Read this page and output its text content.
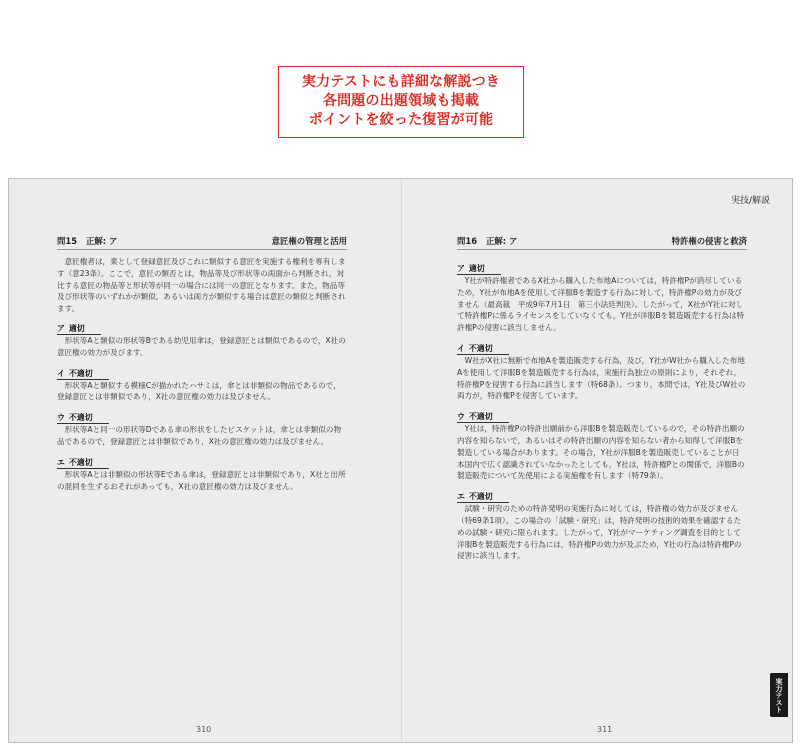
実力テストにも詳細な解説つき
各問題の出題領域も掲載
ポイントを絞った復習が可能
実技/解説
問15 正解: ア	意匠権の管理と活用

意匠権者は，業として登録意匠及びこれに類似する意匠を実施する権利を専有します（意23条）。ここで，意匠の類否とは，物品等及び形状等の両面から判断され，対比する意匠の物品等と形状等が同一の場合には同一の意匠となります。また，物品等及び形状等のいずれかが類似，あるいは両方が類似する場合は意匠の類似と判断されます。

ア 適切

形状等Aと類似の形状等Bである幼児用傘は，登録意匠とは類似であるので，X社の意匠権の効力が及びます。

イ 不適切

形状等Aと類似する模様Cが描かれたハサミは，傘とは非類似の物品であるので，登録意匠とは非類似であり，X社の意匠権の効力は及びません。

ウ 不適切

形状等Aと同一の形状等Dである傘の形状をしたビスケットは，傘とは非類似の物品であるので，登録意匠とは非類似であり，X社の意匠権の効力は及びません。

エ 不適切

形状等Aとは非類似の形状等Eである傘は，登録意匠とは非類似であり，X社と出所の混同を生ずるおそれがあっても，X社の意匠権の効力は及びません。

問16 正解: ア	特許権の侵害と救済
ア 適切

Y社が特許権者であるX社から購入した布地Aについては，特許権Pが消尽しているため，Y社が布地Aを使用して洋服Bを製造する行為に対して，特許権Pの効力が及びません（最高裁　平成9年7月1日　第三小法廷判決）。したがって，X社がY社に対して特許権Pに係るライセンスをしていなくても，Y社が洋服Bを製造販売する行為は特許権Pの侵害に該当しません。

イ 不適切

W社がX社に無断で布地Aを製造販売する行為，及び，Y社がW社から購入した布地Aを使用して洋服Bを製造販売する行為は，実施行為独立の原則により，それぞれ，特許権Pを侵害する行為に該当します（特68条）。つまり，本問では，Y社及びW社の両方が，特許権Pを侵害しています。

ウ 不適切

Y社は，特許権Pの特許出願前から洋服Bを製造販売しているので，その特許出願の内容を知らないで，あるいはその特許出願の内容を知らない者から知得して洋服Bを製造している場合があります。その場合，Y社が洋服Bを製造販売していることが日本国内で広く認識されていなかったとしても，Y社は，特許権Pとの関係で，洋服Bの製造販売について先使用による実施権を有します（特79条）。

エ 不適切

試験・研究のための特許発明の実施行為に対しては，特許権の効力が及びません（特69条1項）。この場合の「試験・研究」は，特許発明の技術的効果を確認するための試験・研究に限られます。したがって，Y社がマーケティング調査を目的として洋服Bを製造販売する行為には，特許権Pの効力が及ぶため，Y社の行為は特許権Pの侵害に該当します。

310	311
実力テスト
